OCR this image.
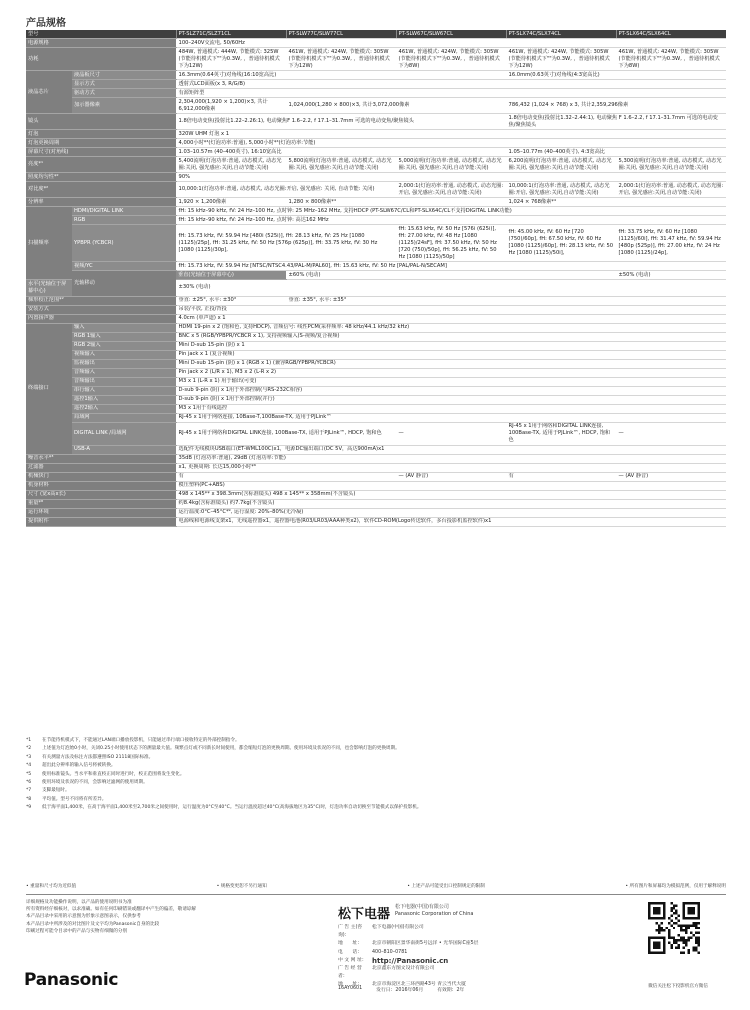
产品规格
型号		PT-SLZ71C/SLZ71CL	PT-SLW77C/SLW77CL	PT-SLW67C/SLW67CL	PT-SLX74C/SLX74CL	PT-SLX64C/SLX64CL
电源规格		100–240V交流电, 50/60Hz				
功耗		484W, 普通模式: 444W, 节能模式: 325W (节能待机模式下""为0.3W, ，普通待机模式下为12W)	461W, 普通模式: 424W, 节能模式: 305W (节能待机模式下""为0.3W, ，普通待机模式下为12W)	461W, 普通模式: 424W, 节能模式: 305W (节能待机模式下""为0.3W, ，普通待机模式下为8W)	461W, 普通模式: 424W, 节能模式: 305W (节能待机模式下""为0.3W, ，普通待机模式下为12W)	461W, 普通模式: 424W, 节能模式: 305W (节能待机模式下""为0.3W, ，普通待机模式下为8W)
液晶芯片	液晶板尺寸	16.3mm(0.64英寸)对角线(16:10宽高比)			16.0mm(0.63英寸)对角线(4:3宽高比)	
	显示方式	透射式LCD面板(x 3, R/G/B)				
	驱动方式	有源矩阵型				
	加示器像素	2,304,000(1,920 × 1,200)×3, 共计6,912,000像素	1,024,000(1,280 × 800)×3, 共计3,072,000像素		786,432 (1,024 × 768) x 3, 共计2,359,296像素	
镜头		1.8倍电动变焦(投射比1.22–2.26:1), 电动聚焦F 1.6–2.2, f 17.1–31.7mm 可选的电动变焦/聚焦镜头			1.8倍电动变焦(投射比1.32–2.44:1), 电动聚焦 F 1.6–2.2, f 17.1–31.7mm 可选的电动变焦/聚焦镜头	
灯泡		320W UHM 灯泡 x 1				
灯泡更换周期		4,000小时*⁴(灯泡功率:普通), 5,000小时*⁴(灯泡功率:节能)				
屏幕尺寸(对角线)		1.03–10.57m (40–400英寸), 16:10宽高比			1.05–10.77m (40–400英寸), 4:3宽高比	
亮度*¹		5,400流明(灯泡功率:普通, 动态模式, 动态光圈:关闭, 强光感应:关闭,自动节能:关闭)	5,800流明(灯泡功率:普通, 动态模式, 动态光圈:关闭, 强光感应:关闭,自动节能:关闭)	5,000流明(灯泡功率:普通, 动态模式, 动态光圈:关闭, 强光感应:关闭,自动节能:关闭)	6,200流明(灯泡功率:普通, 动态模式, 动态光圈:关闭, 强光感应:关闭,自动节能:关闭)	5,300流明(灯泡功率:普通, 动态模式, 动态光圈:关闭, 强光感应:关闭,自动节能:关闭)
照度均匀性*²		90%				
对比度*²		10,000:1(灯泡功率:普通, 动态模式, 动态光圈:开启, 强光感应: 关闭, 自动节能: 关闭)		2,000:1(灯泡功率:普通, 动态模式, 动态光圈:开启, 强光感应:关闭,自动节能:关闭)	10,000:1(灯泡功率:普通, 动态模式, 动态光圈:开启, 强光感应:关闭,自动节能:关闭)	2,000:1(灯泡功率:普通, 动态模式, 动态光圈:开启, 强光感应:关闭,自动节能:关闭)
分辨率		1,920 × 1,200像素	1,280 × 800像素*⁴		1,024 × 768像素*⁴	
扫描频率	HDMI/DIGITAL LINK	fH: 15 kHz–90 kHz, fV: 24 Hz–100 Hz, 点时钟: 25 MHz–162 MHz, 支持HDCP (PT-SLW67C/CL和PT-SLX64C/CL不支持DIGITAL LINK功能)				
	RGB	fH: 15 kHz–90 kHz, fV: 24 Hz–100 Hz, 点时钟: 高达162 MHz				
	YPBPR (YCBCR)	fH: 15.73 kHz, fV: 59.94 Hz [480i (525i)], fH: 28.13 kHz, fV: 25 Hz [1080 (1125)/25p], fH: 31.25 kHz, fV: 50 Hz [576p (625p)], fH: 33.75 kHz, fV: 30 Hz [1080 (1125)/30p],		fH: 15.63 kHz, fV: 50 Hz [576i (625i)], fH: 27.00 kHz, fV: 48 Hz [1080 (1125)/24sF], fH: 37.50 kHz, fV: 50 Hz [720 (750)/50p], fH: 56.25 kHz, fV: 50 Hz [1080 (1125)/50p]	fH: 45.00 kHz, fV: 60 Hz [720 (750)/60p], fH: 67.50 kHz, fV: 60 Hz [1080 (1125)/60p], fH: 28.13 kHz, fV: 50 Hz [1080 (1125)/50i],	fH: 33.75 kHz, fV: 60 Hz [1080 (1125)/60i], fH: 31.47 kHz, fV: 59.94 Hz [480p (525p)], fH: 27.00 kHz, fV: 24 Hz [1080 (1125)/24p],
	视频/YC	fH: 15.73 kHz, fV: 59.94 Hz [NTSC/NTSC4.43/PAL-M/PAL60], fH: 15.63 kHz, fV: 50 Hz [PAL/PAL-N/SECAM]				
	光轴移动	垂直(光轴位于屏幕中心)	±60% (电动)			±50% (电动)
水平(光轴位于屏幕中心)		±30% (电动)				
梯形校正范围*²		垂直: ±25°, 水平: ±30°	垂直: ±35°, 水平: ±35°			
安装方式		吊装/平放, 正投/背投				
内置扬声器		4.0cm (单声道) x 1				
终端接口	输入	HDMI 19-pin x 2 (饱和色, 支持HDCP), 音频信号: 线性PCM(采样频率: 48 kHz/44.1 kHz/32 kHz)				
	RGB 1输入	BNC x 5 (RGB/YPBPR/YCBCR x 1), 支持视频输入(S-视频/复合视频)				
	RGB 2输入	Mini D-sub 15-pin (阴) x 1				
	视频输入	Pin jack x 1 (复合视频)				
	监视输出	Mini D-sub 15-pin (阴) x 1 (RGB x 1) (兼容RGB/YPBPR/YCBCR)				
	音频输入	Pin jack x 2 (L/R x 1), M3 x 2 (L-R x 2)				
	音频输出	M3 x 1 (L-R x 1) 用于输出(可变)				
	串行输入	D-sub 9-pin (阴) x 1用于外部控制(与RS-232C相容)				
	遥控1输入	D-sub 9-pin (阴) x 1用于外部控制(并行)				
	遥控2输入	M3 x 1用于有线遥控				
	局域网	RJ-45 x 1用于网络连接, 10Base-T,100Base-TX, 适用于PJLink™				
	DIGITAL LINK /局域网	RJ-45 x 1用于网络和DIGITAL LINK连接, 100Base-TX, 适用于PJLink™, HDCP, 饱和色		—	RJ-45 x 1用于网络和DIGITAL LINK连接, 100Base-TX, 适用于PJLink™, HDCP, 饱和色	—
	USB-A	选配件无线模块USB端口(ET-WML100C)x1，电源DC输出端口(DC 5V，高达900mA)x1				
噪音水平*³		35dB (灯泡功率:普通), 29dB (灯泡功率:节能)				
过滤器		x1, 更换周期: 长达15,000小时*⁶				
机械快门		有		— (AV 静音)	有	— (AV 静音)
机身材料		模压塑料(PC+ABS)				
尺寸 (宽x高x长)		498 x 145** x 398.3mm(含标准镜头) 498 x 145** x 358mm(不含镜头)				
重量*⁸		约8.4kg(含标准镜头) 约7.7kg(不含镜头)				
运行环境		运行温度:0°C–45°C*⁹, 运行湿度: 20%–80%(无冷凝)				
提供附件		电源线和电源线支架x1，无线遥控器x1，遥控器电池(R03/LR03/AAA种类x2)，软件CD-ROM(Logo传送软件，多台投影机监控软件)x1				
*1	在节能待机模式下，不能通过LAN端口播放投影机，只能通过串行端口接收特定的外部控制指令。
*2	上述值为灯泡始0小时，关闭0.25小时使用状态下的测量最大值。频繁点灯或不同新长时间使用，都会缩短灯泡的更换周期。使用环境及状况的不同，也会影响灯泡的更换周期。
*3	有关测量方法及标注方法都遵照ISO 21118国际标准。
*4	超出此分辨率的输入信号将被转换。
*5	使用标准镜头。当水平和垂直校正同时进行时，校正范围将发生变化。
*6	使用环境及状况的不同，会影响过滤网的使用周期。
*7	支脚最短时。
*8	平均值。型号不同将有所差异。
*9	低于海平面1,400米，在高于海平面1,400米至2,700米之间使用时，运行温度为0°C至40°C。当运行温度超过40°C(高海拔地区为35°C)时，灯泡功率自动切换至节能模式以保护投影机。
• 重量和尺寸均为近似值	• 规格变更恕不另行通知	• 上述产品可能受出口控制规定的限制	• 所有图片和屏幕均为模拟范例，仅用于解释说明
详细规格及功能操作说明，以产品的使用说明书为准
所有资料经仔细核对，以求准确。如有任何印刷错误或翻译中产生的偏差，敬请谅解
本产品目录中采用的示意图为形象示意图表示，仅供参考
本产品目录中所涉及的对比图片及文字均为Panasonic自身的比较
印刷过程可能令目录中的产品与实物有细微的分别
Panasonic
松下电器 松下电器(中国)有限公司
Panasonic Corporation of China
广 告 主(咨询)：
松下电器(中国)有限公司
地　　址：	北京市朝阳区景华南街5号远洋 • 光华国际C座5层
电　　话：	400–810–0781
中 文 网 址： http://Panasonic.cn
广 告 经 营 者：
北京鑫东方图文设计有限公司
地　　址：	北京市海淀区北三环西路43号 青云当代大厦
16AY0601	发行日：2016年06月	有效期：2年
微信关注松下投影机官方微信
